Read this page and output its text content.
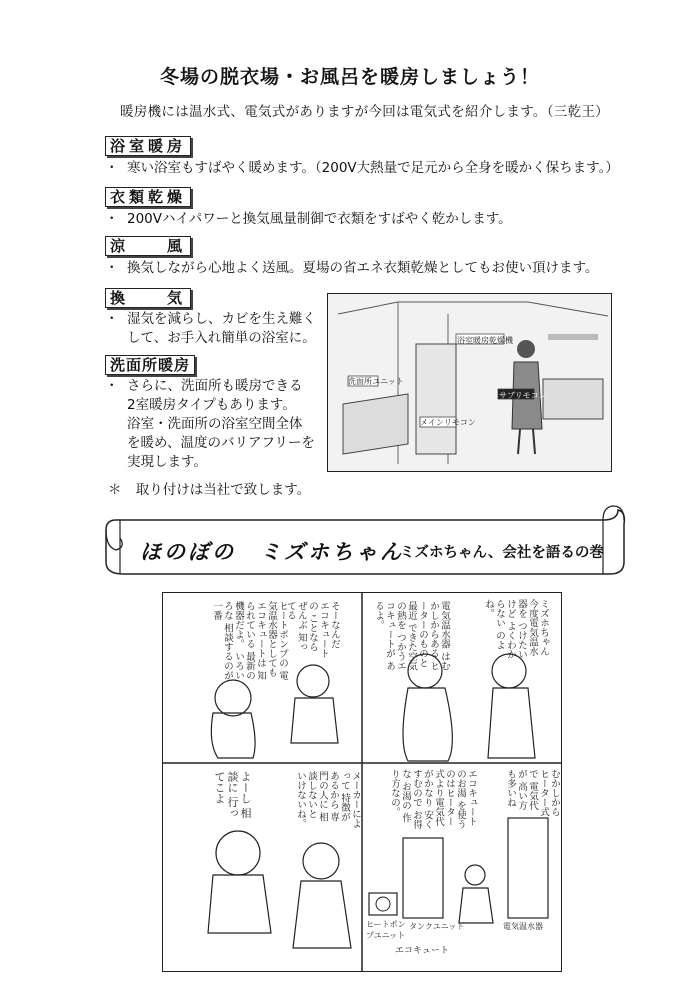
冬場の脱衣場・お風呂を暖房しましょう！
暖房機には温水式、電気式がありますが今回は電気式を紹介します。（三乾王）
浴室暖房
・ 寒い浴室もすばやく暖めます。（200V大熱量で足元から全身を暖かく保ちます。）
衣類乾燥
・ 200Vハイパワーと換気風量制御で衣類をすばやく乾かします。
涼　　風
・ 換気しながら心地よく送風。夏場の省エネ衣類乾燥としてもお使い頂けます。
換　　気
・ 湿気を減らし、カビを生え難く
して、お手入れ簡単の浴室に。
洗面所暖房
・ さらに、洗面所も暖房できる
2室暖房タイプもあります。
浴室・洗面所の浴室空間全体
を暖め、温度のバリアフリーを
実現します。
浴室暖房乾燥機
洗面所ユニット
メインリモコン
サブリモコン
＊ 取り付けは当社で致します。
ほのぼの　ミズホちゃん
ミズホちゃん、会社を語るの巻
ヒートポンプの 電気温水器としても エコキュートは 知られている 最新の機器だよ。 いろいろな 相談するのが一番	そーなんだ エコキュートの ことなら ぜんぶ 知ってる	電気温水器 はむかしからある ヒーターのものと最近 できた空気の熱を つかうエコキュートが あるよ。	ミズホちゃん 今度電気温水器を つけたいけど よくわからない のよね。
よーし 相談に 行ってこよ	メーカーによって 特徴があるから 専門の人に 相談しないと いけないね。	エコキュートのお湯 を使うのはヒーター 式より電気代がかなり 安くすむので お得な お湯の 作り方なの。	むかしから ヒーター式で 電気代が 高い方 も多いね
ヒートポンプユニット
タンクユニット
エコキュート
電気温水器
